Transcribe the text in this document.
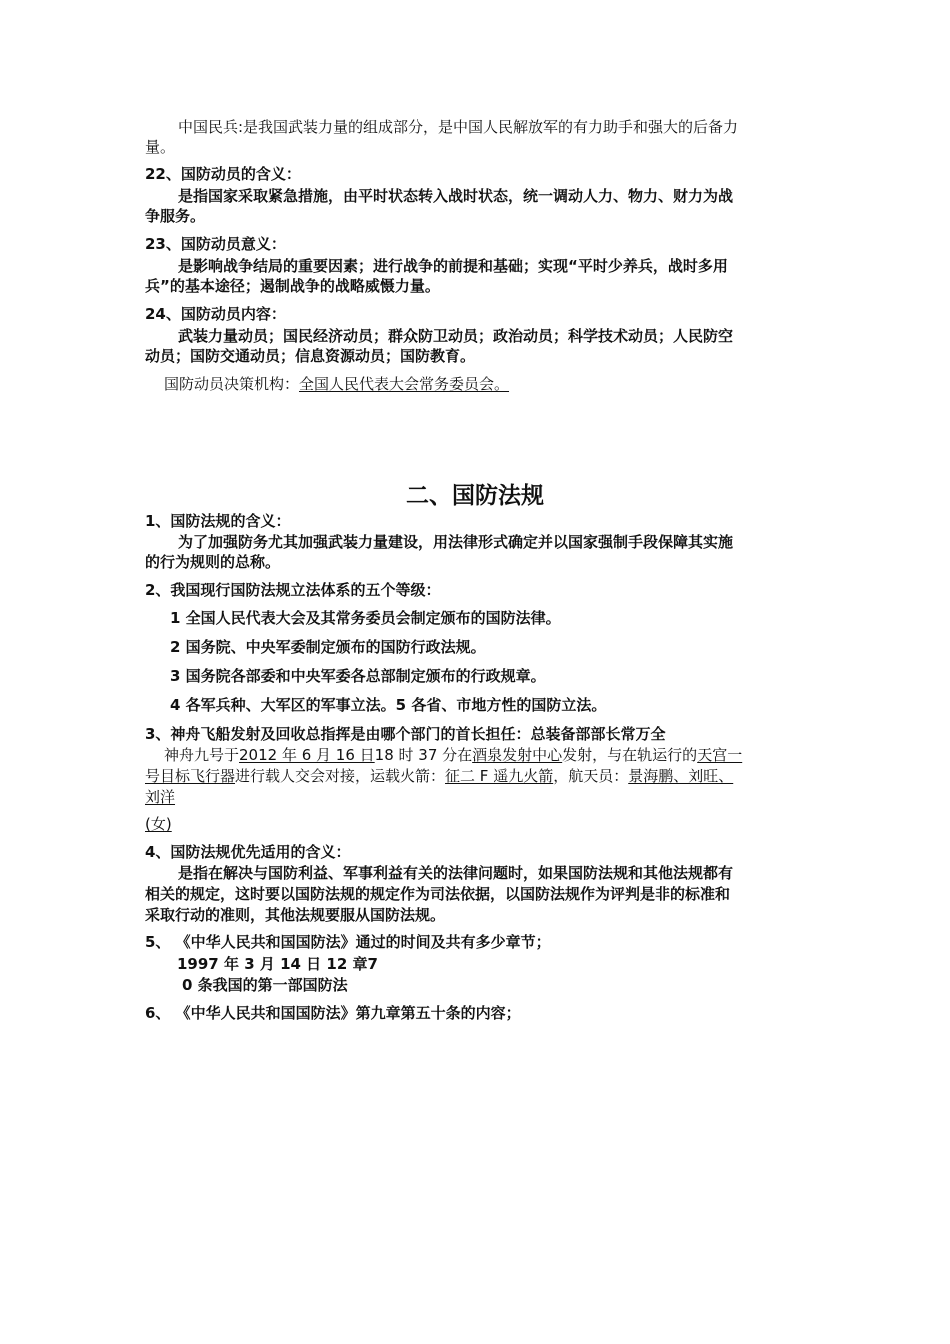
中国民兵:是我国武装力量的组成部分，是中国人民解放军的有力助手和强大的后备力

量。

22、国防动员的含义：

是指国家采取紧急措施，由平时状态转入战时状态，统一调动人力、物力、财力为战

争服务。

23、国防动员意义：

是影响战争结局的重要因素；进行战争的前提和基础；实现“平时少养兵，战时多用

兵”的基本途径；遏制战争的战略威慑力量。

24、国防动员内容：

武装力量动员；国民经济动员；群众防卫动员；政治动员；科学技术动员；人民防空

动员；国防交通动员；信息资源动员；国防教育。

国防动员决策机构：全国人民代表大会常务委员会。

二、国防法规

1、国防法规的含义：

为了加强防务尤其加强武装力量建设，用法律形式确定并以国家强制手段保障其实施

的行为规则的总称。

2、我国现行国防法规立法体系的五个等级：

1 全国人民代表大会及其常务委员会制定颁布的国防法律。

2 国务院、中央军委制定颁布的国防行政法规。

3 国务院各部委和中央军委各总部制定颁布的行政规章。

4 各军兵种、大军区的军事立法。5 各省、市地方性的国防立法。

3、神舟飞船发射及回收总指挥是由哪个部门的首长担任：总装备部部长常万全

神舟九号于2012 年 6 月 16 日18 时 37 分在酒泉发射中心发射，与在轨运行的天宫一

号目标飞行器进行载人交会对接，运载火箭：征二 F 遥九火箭，航天员：景海鹏、刘旺、

刘洋

(女)

4、国防法规优先适用的含义：

是指在解决与国防利益、军事利益有关的法律问题时，如果国防法规和其他法规都有

相关的规定，这时要以国防法规的规定作为司法依据，以国防法规作为评判是非的标准和

采取行动的准则，其他法规要服从国防法规。

5、 《中华人民共和国国防法》通过的时间及共有多少章节；

1997 年 3 月 14 日 12 章7

0 条我国的第一部国防法

6、 《中华人民共和国国防法》第九章第五十条的内容；
